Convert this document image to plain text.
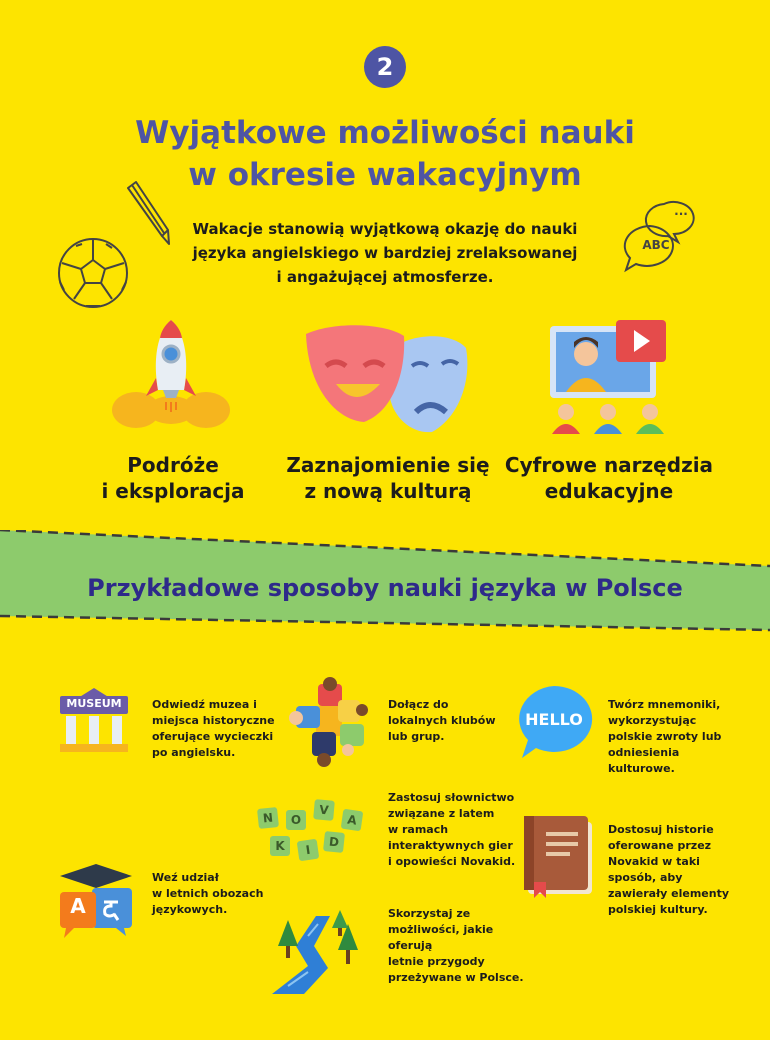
2
Wyjątkowe możliwości nauki
w okresie wakacyjnym
Wakacje stanowią wyjątkową okazję do nauki
języka angielskiego w bardziej zrelaksowanej
i angażującej atmosferze.
ABC
...
Podróże
i eksploracja
Zaznajomienie się
z nową kulturą
Cyfrowe narzędzia
edukacyjne
Przykładowe sposoby nauki języka w Polsce
MUSEUM	Odwiedź muzea i
miejsca historyczne
oferujące wycieczki
po angielsku.
Dołącz do
lokalnych klubów
lub grup.
HELLO
Twórz mnemoniki,
wykorzystując
polskie zwroty lub
odniesienia
kulturowe.
N	O
V
A
K	I
D
Zastosuj słownictwo
związane z latem
w ramach
interaktywnych gier
i opowieści Novakid.
Dostosuj historie
oferowane przez
Novakid w taki
sposób, aby
zawierały elementy
polskiej kultury.
A
Weź udział
w letnich obozach
językowych.	Skorzystaj ze
możliwości, jakie oferują
letnie przygody
przeżywane w Polsce.
